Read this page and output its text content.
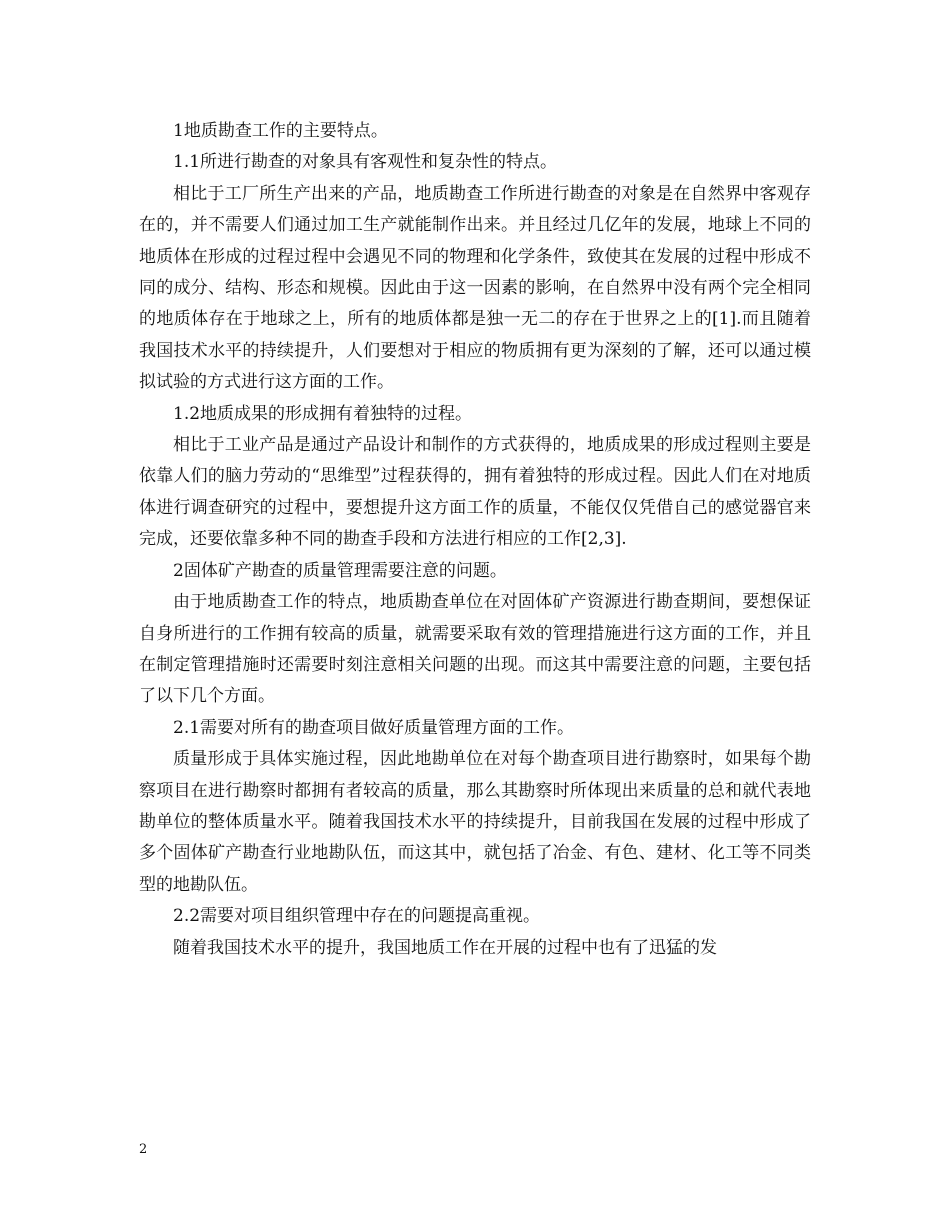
1地质勘查工作的主要特点。

1.1所进行勘查的对象具有客观性和复杂性的特点。

相比于工厂所生产出来的产品，地质勘查工作所进行勘查的对象是在自然界中客观存在的，并不需要人们通过加工生产就能制作出来。并且经过几亿年的发展，地球上不同的地质体在形成的过程过程中会遇见不同的物理和化学条件，致使其在发展的过程中形成不同的成分、结构、形态和规模。因此由于这一因素的影响，在自然界中没有两个完全相同的地质体存在于地球之上，所有的地质体都是独一无二的存在于世界之上的[1].而且随着我国技术水平的持续提升，人们要想对于相应的物质拥有更为深刻的了解，还可以通过模拟试验的方式进行这方面的工作。

1.2地质成果的形成拥有着独特的过程。

相比于工业产品是通过产品设计和制作的方式获得的，地质成果的形成过程则主要是依靠人们的脑力劳动的“思维型”过程获得的，拥有着独特的形成过程。因此人们在对地质体进行调查研究的过程中，要想提升这方面工作的质量，不能仅仅凭借自己的感觉器官来完成，还要依靠多种不同的勘查手段和方法进行相应的工作[2,3].

2固体矿产勘查的质量管理需要注意的问题。

由于地质勘查工作的特点，地质勘查单位在对固体矿产资源进行勘查期间，要想保证自身所进行的工作拥有较高的质量，就需要采取有效的管理措施进行这方面的工作，并且在制定管理措施时还需要时刻注意相关问题的出现。而这其中需要注意的问题，主要包括了以下几个方面。

2.1需要对所有的勘查项目做好质量管理方面的工作。

质量形成于具体实施过程，因此地勘单位在对每个勘查项目进行勘察时，如果每个勘察项目在进行勘察时都拥有者较高的质量，那么其勘察时所体现出来质量的总和就代表地勘单位的整体质量水平。随着我国技术水平的持续提升，目前我国在发展的过程中形成了多个固体矿产勘查行业地勘队伍，而这其中，就包括了冶金、有色、建材、化工等不同类型的地勘队伍。

2.2需要对项目组织管理中存在的问题提高重视。

随着我国技术水平的提升，我国地质工作在开展的过程中也有了迅猛的发

2
